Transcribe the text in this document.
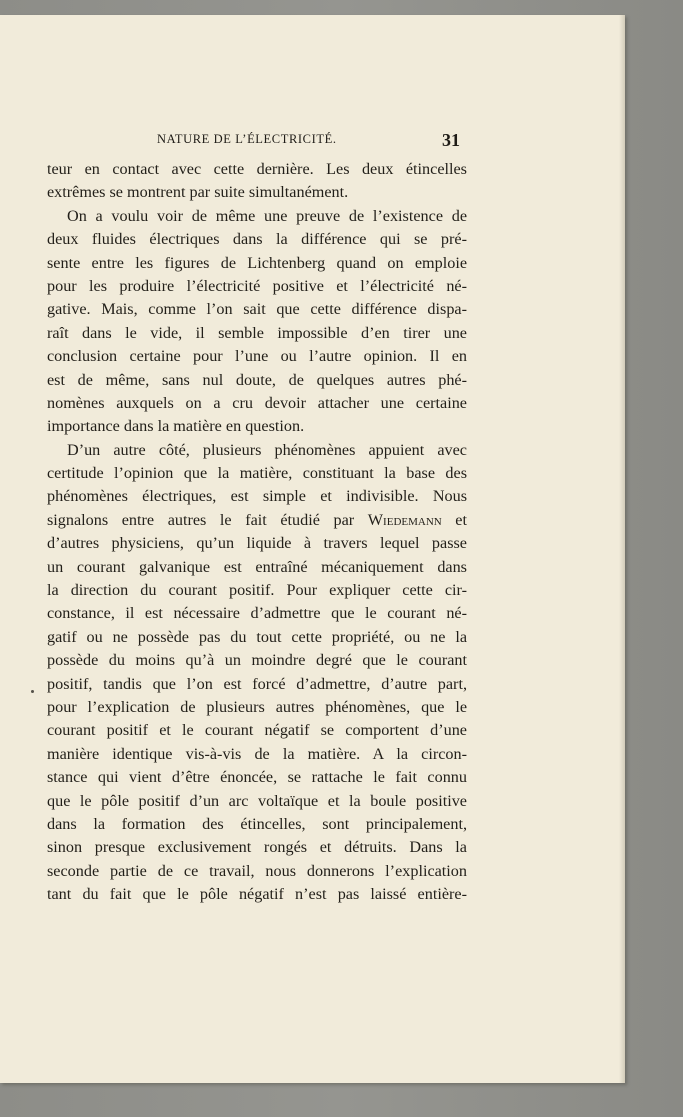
NATURE DE L’ÉLECTRICITÉ.	31
teur en contact avec cette dernière. Les deux étincelles
extrêmes se montrent par suite simultanément.
On a voulu voir de même une preuve de l’existence de
deux fluides électriques dans la différence qui se pré-
sente entre les figures de Lichtenberg quand on emploie
pour les produire l’électricité positive et l’électricité né-
gative. Mais, comme l’on sait que cette différence dispa-
raît dans le vide, il semble impossible d’en tirer une
conclusion certaine pour l’une ou l’autre opinion. Il en
est de même, sans nul doute, de quelques autres phé-
nomènes auxquels on a cru devoir attacher une certaine
importance dans la matière en question.
D’un autre côté, plusieurs phénomènes appuient avec
certitude l’opinion que la matière, constituant la base des
phénomènes électriques, est simple et indivisible. Nous
signalons entre autres le fait étudié par Wiedemann et
d’autres physiciens, qu’un liquide à travers lequel passe
un courant galvanique est entraîné mécaniquement dans
la direction du courant positif. Pour expliquer cette cir-
constance, il est nécessaire d’admettre que le courant né-
gatif ou ne possède pas du tout cette propriété, ou ne la
possède du moins qu’à un moindre degré que le courant
positif, tandis que l’on est forcé d’admettre, d’autre part,
pour l’explication de plusieurs autres phénomènes, que le
courant positif et le courant négatif se comportent d’une
manière identique vis-à-vis de la matière. A la circon-
stance qui vient d’être énoncée, se rattache le fait connu
que le pôle positif d’un arc voltaïque et la boule positive
dans la formation des étincelles, sont principalement,
sinon presque exclusivement rongés et détruits. Dans la
seconde partie de ce travail, nous donnerons l’explication
tant du fait que le pôle négatif n’est pas laissé entière-
